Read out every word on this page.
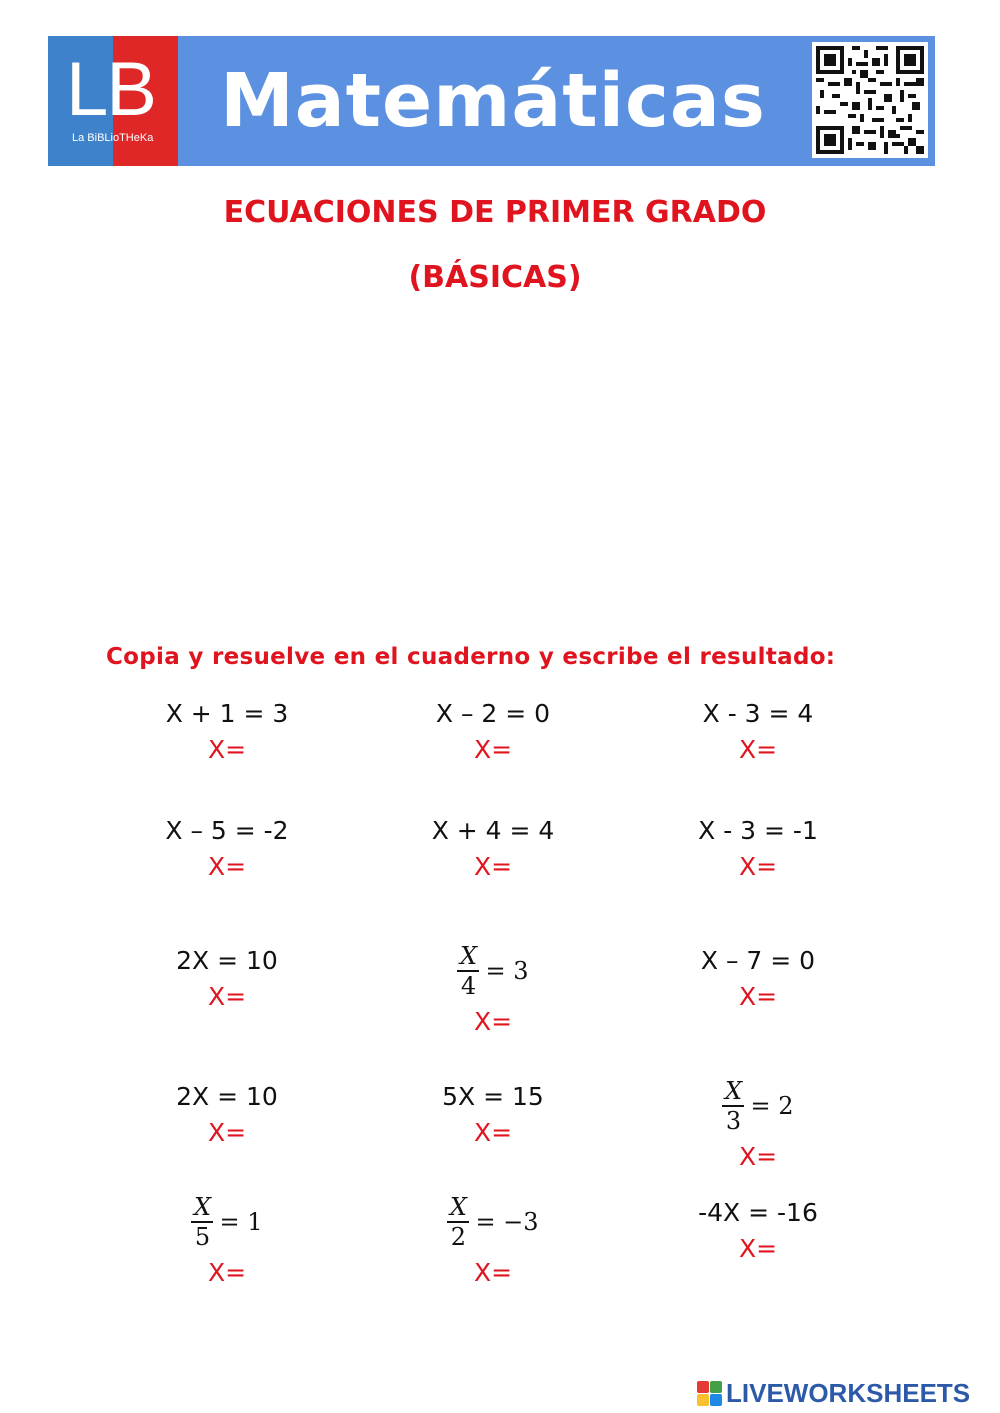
LB
La BiBLioTHeKa Matemáticas
ECUACIONES DE PRIMER GRADO
(BÁSICAS)
Copia y resuelve en el cuaderno y escribe el resultado:
X + 1 = 3
X=
X – 2 = 0
X=
X - 3 = 4
X=
X – 5 = -2
X=
X + 4 = 4
X=
X - 3 = -1
X=
2X = 10
X=	$\frac{X}{4} = 3$
X=
X – 7 = 0
X=
2X = 10
X=
5X = 15
X=	$\frac{X}{3} = 2$
X=
$\frac{X}{5} = 1$
X=
$\frac{X}{2} = -3$
X=
-4X = -16
X=
LIVEWORKSHEETS
